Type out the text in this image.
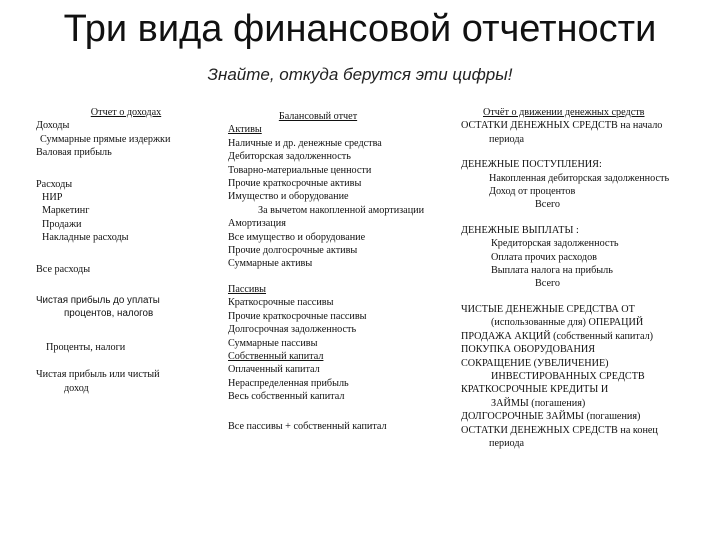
Три вида финансовой отчетности
Знайте, откуда берутся эти цифры!
Отчет о доходах
Доходы
Суммарные прямые издержки
Валовая прибыль
Расходы
НИР
Маркетинг
Продажи
Накладные расходы
Все расходы
Чистая прибыль до уплаты
процентов, налогов
Проценты, налоги
Чистая прибыль или чистый
доход
Балансовый отчет
Активы
Наличные и др. денежные средства
Дебиторская задолженность
Товарно-материальные ценности
Прочие краткосрочные активы
Имущество и оборудование
За вычетом накопленной амортизации
Амортизация
Все имущество и оборудование
Прочие долгосрочные активы
Суммарные активы
Пассивы
Краткосрочные пассивы
Прочие краткосрочные пассивы
Долгосрочная задолженность
Суммарные пассивы
Собственный капитал
Оплаченный капитал
Нераспределенная прибыль
Весь собственный капитал
Все пассивы + собственный капитал
Отчёт о движении денежных средств
ОСТАТКИ ДЕНЕЖНЫХ СРЕДСТВ на начало
периода
ДЕНЕЖНЫЕ ПОСТУПЛЕНИЯ:
Накопленная дебиторская задолженность
Доход от процентов
Всего
ДЕНЕЖНЫЕ ВЫПЛАТЫ :
Кредиторская задолженность
Оплата прочих расходов
Выплата налога на прибыль
Всего
ЧИСТЫЕ ДЕНЕЖНЫЕ СРЕДСТВА ОТ
(использованные для) ОПЕРАЦИЙ
ПРОДАЖА АКЦИЙ (собственный капитал)
ПОКУПКА ОБОРУДОВАНИЯ
СОКРАЩЕНИЕ (УВЕЛИЧЕНИЕ)
ИНВЕСТИРОВАННЫХ СРЕДСТВ
КРАТКОСРОЧНЫЕ КРЕДИТЫ И
ЗАЙМЫ (погашения)
ДОЛГОСРОЧНЫЕ ЗАЙМЫ (погашения)
ОСТАТКИ ДЕНЕЖНЫХ СРЕДСТВ на конец
периода
